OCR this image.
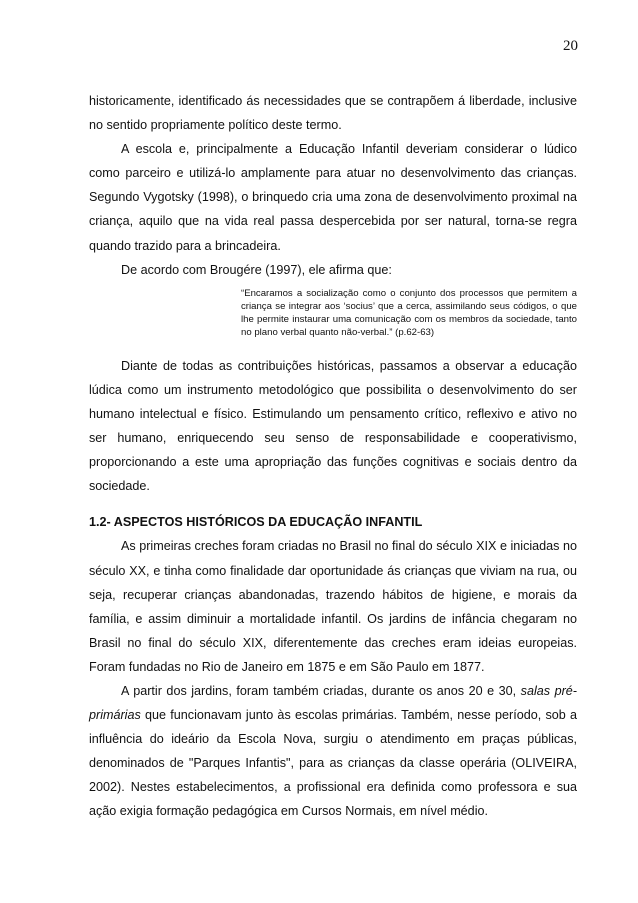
20

historicamente, identificado ás necessidades que se contrapõem á liberdade, inclusive no sentido propriamente político deste termo.

A escola e, principalmente a Educação Infantil deveriam considerar o lúdico como parceiro e utilizá-lo amplamente para atuar no desenvolvimento das crianças. Segundo Vygotsky (1998), o brinquedo cria uma zona de desenvolvimento proximal na criança, aquilo que na vida real passa despercebida por ser natural, torna-se regra quando trazido para a brincadeira.

De acordo com Brougére (1997), ele afirma que:

“Encaramos a socialização como o conjunto dos processos que permitem a criança se integrar aos ‘socius’ que a cerca, assimilando seus códigos, o que lhe permite instaurar uma comunicação com os membros da sociedade, tanto no plano verbal quanto não-verbal.” (p.62-63)

Diante de todas as contribuições históricas, passamos a observar a educação lúdica como um instrumento metodológico que possibilita o desenvolvimento do ser humano intelectual e físico. Estimulando um pensamento crítico, reflexivo e ativo no ser humano, enriquecendo seu senso de responsabilidade e cooperativismo, proporcionando a este uma apropriação das funções cognitivas e sociais dentro da sociedade.

1.2- ASPECTOS HISTÓRICOS DA EDUCAÇÃO INFANTIL

As primeiras creches foram criadas no Brasil no final do século XIX e iniciadas no século XX, e tinha como finalidade dar oportunidade ás crianças que viviam na rua, ou seja, recuperar crianças abandonadas, trazendo hábitos de higiene, e morais da família, e assim diminuir a mortalidade infantil. Os jardins de infância chegaram no Brasil no final do século XIX, diferentemente das creches eram ideias europeias. Foram fundadas no Rio de Janeiro em 1875 e em São Paulo em 1877.

A partir dos jardins, foram também criadas, durante os anos 20 e 30, salas pré-primárias que funcionavam junto às escolas primárias. Também, nesse período, sob a influência do ideário da Escola Nova, surgiu o atendimento em praças públicas, denominados de "Parques Infantis", para as crianças da classe operária (OLIVEIRA, 2002). Nestes estabelecimentos, a profissional era definida como professora e sua ação exigia formação pedagógica em Cursos Normais, em nível médio.
